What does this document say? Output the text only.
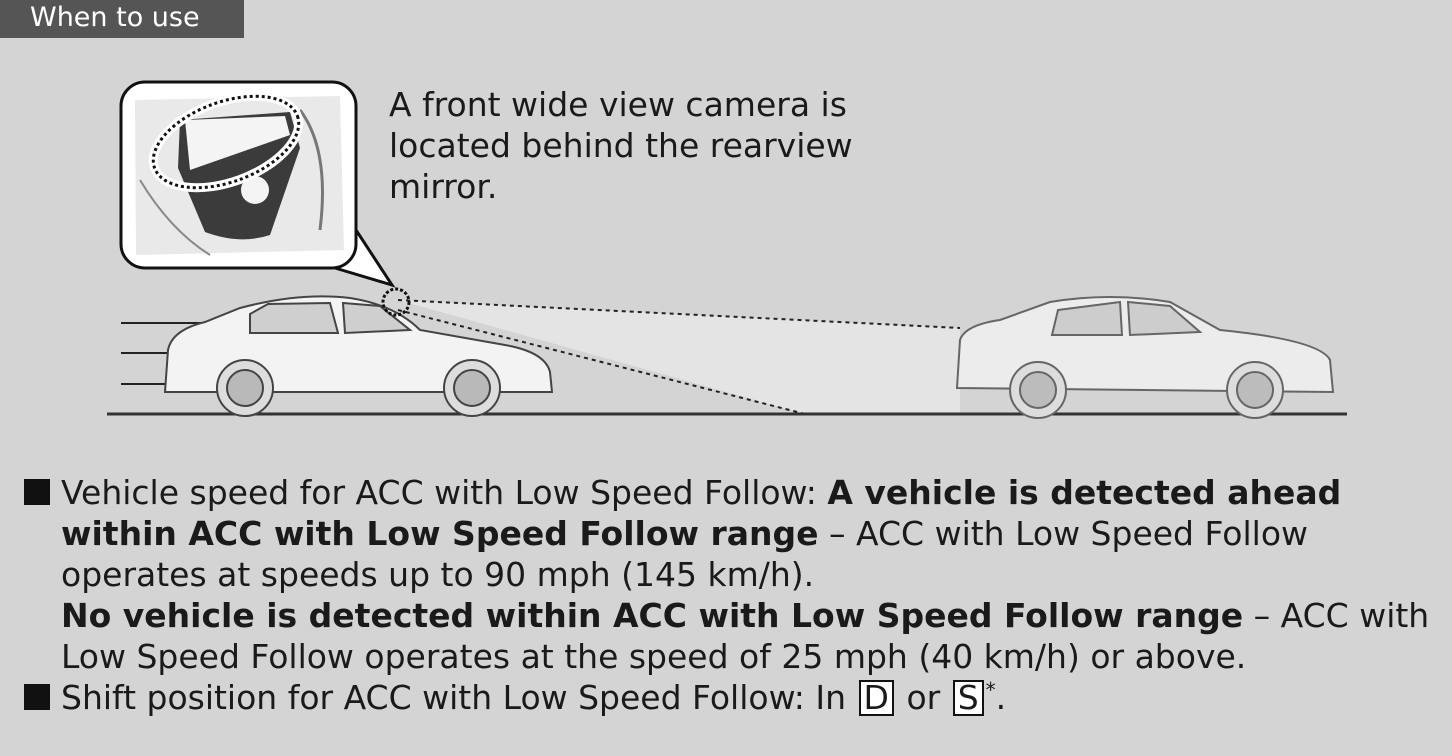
When to use
A front wide view camera is located behind the rearview mirror.
Vehicle speed for ACC with Low Speed Follow: A vehicle is detected ahead within ACC with Low Speed Follow range – ACC with Low Speed Follow operates at speeds up to 90 mph (145 km/h).
No vehicle is detected within ACC with Low Speed Follow range – ACC with Low Speed Follow operates at the speed of 25 mph (40 km/h) or above.
Shift position for ACC with Low Speed Follow: In D or S *.
